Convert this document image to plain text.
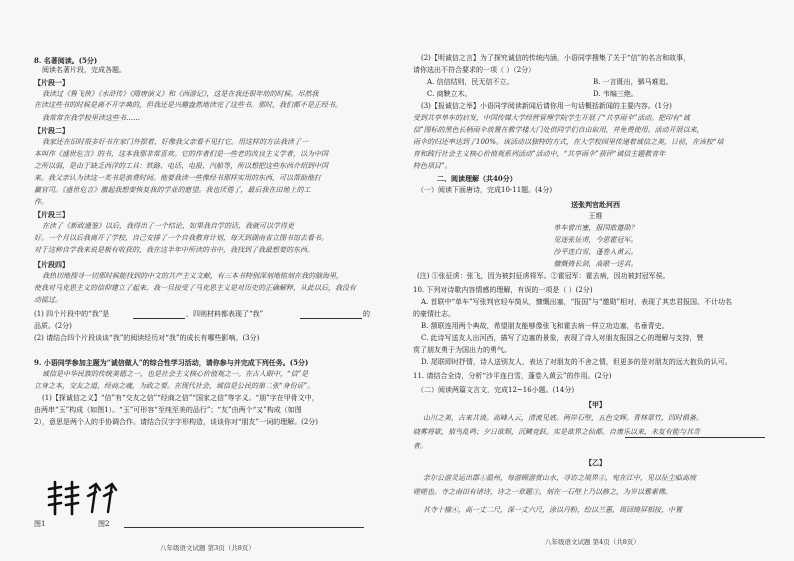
8. 名著阅读。(5分)
阅读名著片段，完成各题。
【片段一】
我读过《鲁飞侠》《水浒传》《隋唐演义》和《西游记》，这是在我还很年幼的时候。尽然我
在读这些书的时候是离不开字典的，但我还是兴趣盎然地读完了这些书。那时，我们都不是正经书。
我常常在我学校里读这些书……
【片段二】
我家还在旧时很多好书在家门外摆着，好像我父亲看不见打它。用这样的方法我读了一
本叫作《盛世危言》的书，这本我那非常喜欢。它的作者们是一些老的改良主义学者，以为中国
之所以弱，是由于缺乏西洋的工具：铁路、电话、电报、汽船等，所以想把这些东西介绍到中国
来。我父亲认为读这一类书是浪费时间。他要我读一些像经书那样实用的东西，可以帮助他打
赢官司。《盛世危言》激起我想要恢复我的学业的愿望。我也厌倦了，最后我在田地上的工
作。
【片段三】
在读了《新政通鉴》以后，我得出了一个结论，如果我自学的话，我就可以学得更
好。一个月以后我离开了学校，自己安排了一个自我教育计划，每天到湖南省立图书馆去看书。
对于这种自学我来说是极有收获的，我在这半年中所读的书中，我找到了我最想要的东西。
【片段四】
我热切地搜寻一切那时候能找到的中文的共产主义文献，有三本书特别深刻地铭刻在我的脑海里，
使我对马克思主义的信仰建立了起来。我一旦接受了马克思主义是对历史的正确解释，从此以后，我没有
动摇过。
(1) 四个片段中的“我”是	，四则材料都表现了“我”	的
品质。(2分)
(2) 请结合四个片段谈谈“我”的阅读经历对“我”的成长有哪些影响。(3分)
9. 小语同学参加主题为“诚信做人”的综合性学习活动，请你参与并完成下列任务。(5分)
诚信是中华民族的传统美德之一，也是社会主义核心价值观之一。在古人眼中，“信”是
立身之本，交友之道，经商之魂，为政之要。在现代社会，诚信是公民的第二张“身份证”。
(1)【探诚信之义】“信”有“交友之信”“经商之信”“国家之信”等字义。“朋”字在甲骨文中，
由两串“玉”构成（如图1）。“玉”可形容“至纯至美的品行”；“友”由两个“又”构成（如图
2），意思是两个人的手协调合作。请结合汉字字形构造，谈谈你对“朋友”一词的理解。(2分)
图1	图2
八年级语文试题 第3页（共8页）
(2)【明诚信之言】为了探究诚信的传统内涵，小语同学搜集了关于“信”的名言和故事，
请你选出不符合要求的一项（ ）（2分）
A. 信信结则，民无信不立。	B. 一言既出，驷马难追。
C. 商鞅立木。	D. 韦编三绝。
(3)【报诚信之举】小语同学阅读新闻后请你用一句话概括新闻的主要内容。(1分)
受到共享单车的启发，中国传媒大学经营管理学院学生开展了“共享雨伞”活动。把印有“诚
信”图标的黑色长柄雨伞放置在教学楼大门处供同学们自由取用，并免费使用。活动开展以来，
雨伞的归还率达到了100%。该活动以独特的方式，在大学校园里传递着诚信之美，日前，在该校“培
育和践行社会主义核心价值观系列活动”活动中，“共享雨伞”获评“诚信主题教育年
特色项目”。
二、阅读理解（共40分）
（一）阅读下面唐诗，完成10-11题。(4分)
送张判官赴河西
王维
单车曾出塞，报国敢邀勋？
见逐张征虏，今思霍冠军。
沙平连白雪，蓬卷入黄云。
慷慨倚长剑，高歌一送君。
(注) ①张征虏：张飞，因为被封征虏将军。②霍冠军：霍去病，因功被封冠军侯。
10. 下列对诗歌内容情感的理解，有误的一项是（ ）(2分)
A. 首联中“单车”写张判官轻车简从，慷慨出塞，“报国”与“邀勋”相对，表现了其忠君报国、不计功名
的豪情壮志。
B. 颔联连用两个典故，希望朋友能够像张飞和霍去病一样立功边塞，名垂青史。
C. 此诗写送友人出河西，描写了边塞的景象，表现了诗人对朋友报国之心的理解与支持，赞
赏了朋友勇于为国出力的勇气。
D. 尾联即时抒情，诗人送别友人，表达了对朋友的不舍之情，但更多的是对朋友的远大抱负的认可。
11. 请结合全诗，分析“沙平连白雪，蓬卷入黄云”的作用。(2分)
（二）阅读两篇文言文，完成12~16小题。(14分)
【甲】
山川之美，古来共谈。高峰入云，清流见底。两岸石壁，五色交辉。青林翠竹，四时俱备。
晓雾将歇，猿鸟乱鸣；夕日欲颓，沉鳞竞跃。实是欲界之仙都。自康乐以来，未复有能与其奇
者。
【乙】
亲尔公游灵运出郡①温州，每游顾游赏山水，寻访之境界②，宛在江中，见以征尘临高坡
嗟嗟也。寺之南田有诸诗，诗之一章题③，刻在一石壁上乃以修之，为岁以雅素佛。
其寺十楹④，高一丈二尺，深一丈六尺，涂以丹粉，绘以兰蕙，周回绮屏相接，中置
八年级语文试题 第4页（共8页）
